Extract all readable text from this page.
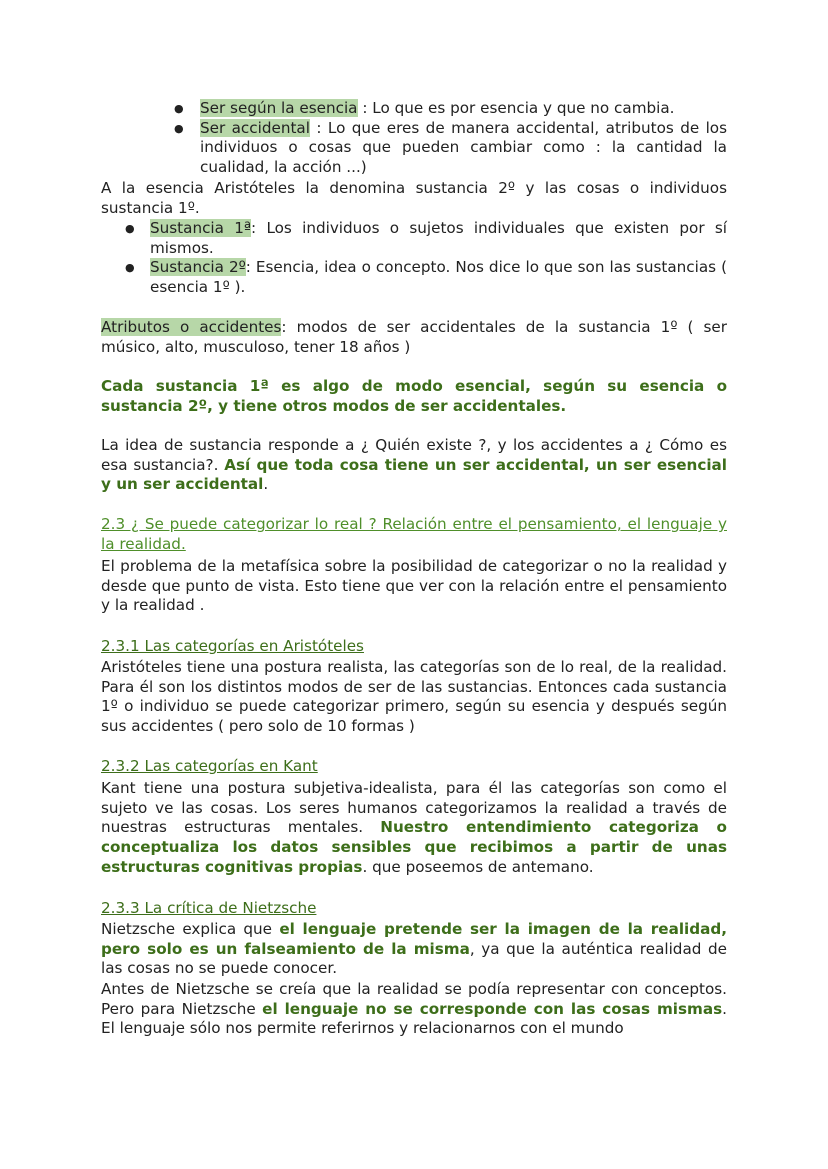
● Ser según la esencia : Lo que es por esencia y que no cambia.
● Ser accidental : Lo que eres de manera accidental, atributos de los individuos o cosas que pueden cambiar como : la cantidad la cualidad, la acción ...)

A la esencia Aristóteles la denomina sustancia 2º y las cosas o individuos sustancia 1º.

● Sustancia 1ª: Los individuos o sujetos individuales que existen por sí mismos.
● Sustancia 2º: Esencia, idea o concepto. Nos dice lo que son las sustancias ( esencia 1º ).

Atributos o accidentes: modos de ser accidentales de la sustancia 1º ( ser músico, alto, musculoso, tener 18 años )

Cada sustancia 1ª es algo de modo esencial, según su esencia o sustancia 2º, y tiene otros modos de ser accidentales.

La idea de sustancia responde a ¿ Quién existe ?, y los accidentes a ¿ Cómo es esa sustancia?. Así que toda cosa tiene un ser accidental, un ser esencial y un ser accidental.

2.3 ¿ Se puede categorizar lo real ? Relación entre el pensamiento, el lenguaje y la realidad.

El problema de la metafísica sobre la posibilidad de categorizar o no la realidad y desde que punto de vista. Esto tiene que ver con la relación entre el pensamiento y la realidad .

2.3.1 Las categorías en Aristóteles

Aristóteles tiene una postura realista, las categorías son de lo real, de la realidad. Para él son los distintos modos de ser de las sustancias. Entonces cada sustancia 1º o individuo se puede categorizar primero, según su esencia y después según sus accidentes ( pero solo de 10 formas )

2.3.2 Las categorías en Kant

Kant tiene una postura subjetiva-idealista, para él las categorías son como el sujeto ve las cosas. Los seres humanos categorizamos la realidad a través de nuestras estructuras mentales. Nuestro entendimiento categoriza o conceptualiza los datos sensibles que recibimos a partir de unas estructuras cognitivas propias. que poseemos de antemano.

2.3.3 La crítica de Nietzsche

Nietzsche explica que el lenguaje pretende ser la imagen de la realidad, pero solo es un falseamiento de la misma, ya que la auténtica realidad de las cosas no se puede conocer.

Antes de Nietzsche se creía que la realidad se podía representar con conceptos. Pero para Nietzsche el lenguaje no se corresponde con las cosas mismas. El lenguaje sólo nos permite referirnos y relacionarnos con el mundo
